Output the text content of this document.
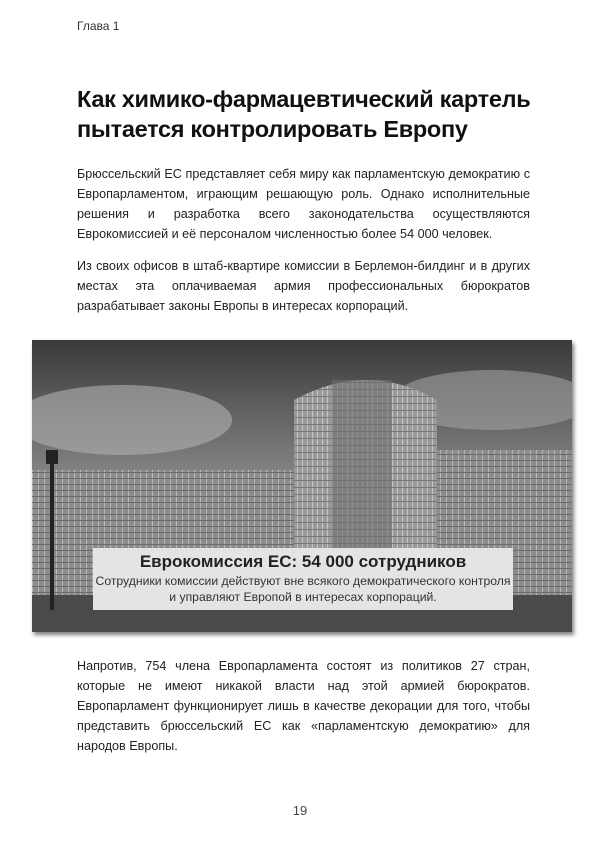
Глава 1
Как химико-фармацевтический картель пытается контролировать Европу

Брюссельский ЕС представляет себя миру как парламентскую демократию с Европарламентом, играющим решающую роль. Однако исполнительные решения и разработка всего законодательства осуществляются Еврокомиссией и её персоналом численностью более 54 000 человек.

Из своих офисов в штаб-квартире комиссии в Берлемон-билдинг и в других местах эта оплачиваемая армия профессиональных бюрократов разрабатывает законы Европы в интересах корпораций.

Еврокомиссия ЕС: 54 000 сотрудников
Сотрудники комиссии действуют вне всякого демократического контроля и управляют Европой в интересах корпораций.

Напротив, 754 члена Европарламента состоят из политиков 27 стран, которые не имеют никакой власти над этой армией бюрократов. Европарламент функционирует лишь в качестве декорации для того, чтобы представить брюссельский ЕС как «парламентскую демократию» для народов Европы.

19
